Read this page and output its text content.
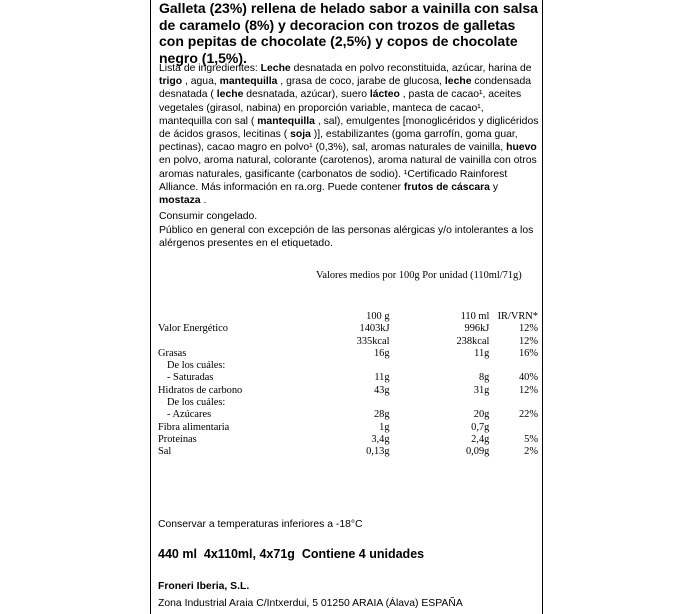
Galleta (23%) rellena de helado sabor a vainilla con salsa de caramelo (8%) y decoracion con trozos de galletas con pepitas de chocolate (2,5%) y copos de chocolate negro (1,5%).

Lista de ingredientes: Leche desnatada en polvo reconstituida, azúcar, harina de trigo , agua, mantequilla , grasa de coco, jarabe de glucosa, leche condensada desnatada ( leche desnatada, azúcar), suero lácteo , pasta de cacao¹, aceites vegetales (girasol, nabina) en proporción variable, manteca de cacao¹, mantequilla con sal ( mantequilla , sal), emulgentes [monoglicéridos y diglicéridos de ácidos grasos, lecitinas ( soja )], estabilizantes (goma garrofín, goma guar, pectinas), cacao magro en polvo¹ (0,3%), sal, aromas naturales de vainilla, huevo en polvo, aroma natural, colorante (carotenos), aroma natural de vainilla con otros aromas naturales, gasificante (carbonatos de sodio). ¹Certificado Rainforest Alliance. Más información en ra.org. Puede contener frutos de cáscara y mostaza .
Consumir congelado.
Público en general con excepción de las personas alérgicas y/o intolerantes a los alérgenos presentes en el etiquetado.
Valores medios por 100g Por unidad (110ml/71g)
	100 g		110 ml	IR/VRN*
Valor Energético	1403kJ		996kJ	12%
	335kcal		238kcal	12%
Grasas	16g		11g	16%
De los cuáles:				
- Saturadas	11g		8g	40%
Hidratos de carbono	43g		31g	12%
De los cuáles:				
- Azúcares	28g		20g	22%
Fibra alimentaria	1g		0,7g	
Proteínas	3,4g		2,4g	5%
Sal	0,13g		0,09g	2%
Conservar a temperaturas inferiores a -18°C
440 ml  4x110ml, 4x71g  Contiene 4 unidades
Froneri Iberia, S.L.
Zona Industrial Araia C/Intxerdui, 5 01250 ARAIA (Álava) ESPAÑA
